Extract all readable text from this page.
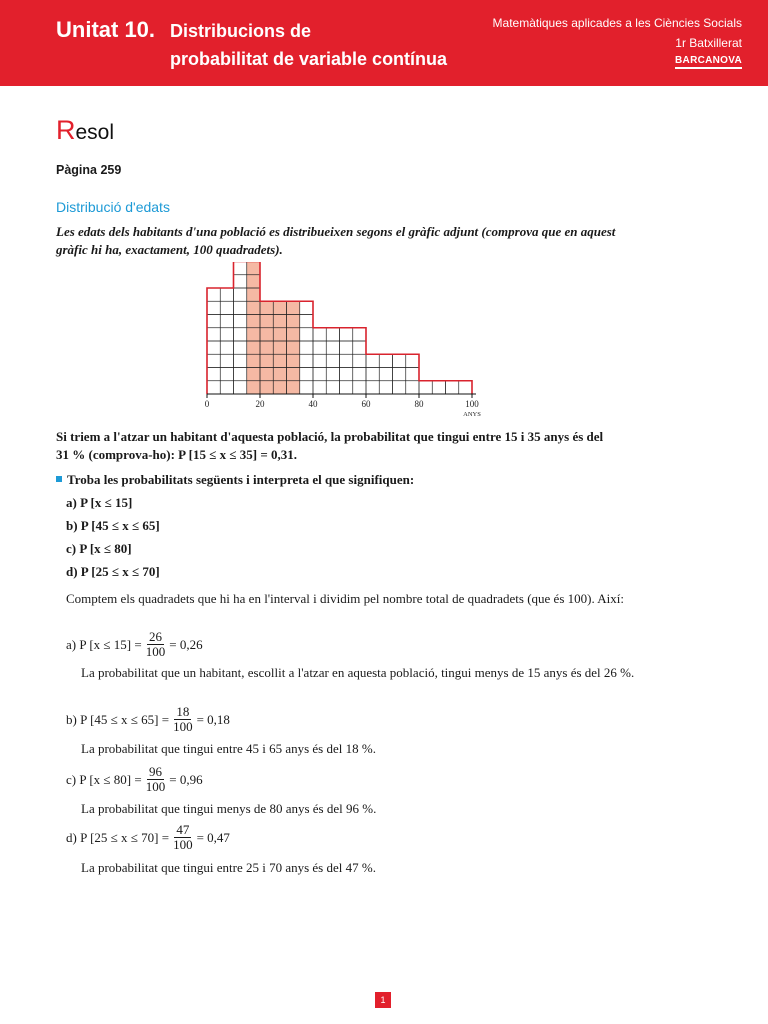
Unitat 10. Distribucions de
probabilitat de variable contínua
Matemàtiques aplicades a les Ciències Socials
1r Batxillerat
BARCANOVA
Resol
Pàgina 259
Distribució d'edats
Les edats dels habitants d'una població es distribueixen segons el gràfic adjunt (comprova que en aquest gràfic hi ha, exactament, 100 quadradets).
0	20	40	60	80	100
ANYS
Si triem a l'atzar un habitant d'aquesta població, la probabilitat que tingui entre 15 i 35 anys és del
31 % (comprova-ho): P [15 ≤ x ≤ 35] = 0,31.
Troba les probabilitats següents i interpreta el que signifiquen:
a) P [x ≤ 15]
b) P [45 ≤ x ≤ 65]
c) P [x ≤ 80]
d) P [25 ≤ x ≤ 70]
Comptem els quadradets que hi ha en l'interval i dividim pel nombre total de quadradets (que és 100). Així:
a) P $[x \le 15] = \frac{26}{100} = 0,26$
La probabilitat que un habitant, escollit a l'atzar en aquesta població, tingui menys de 15 anys és del 26 %.
b) P $[45 \le x \le 65] = \frac{18}{100} = 0,18$
La probabilitat que tingui entre 45 i 65 anys és del 18 %.
c) P $[x \le 80] = \frac{96}{100} = 0,96$
La probabilitat que tingui menys de 80 anys és del 96 %.
d) P $[25 \le x \le 70] = \frac{47}{100} = 0,47$
La probabilitat que tingui entre 25 i 70 anys és del 47 %.
1
